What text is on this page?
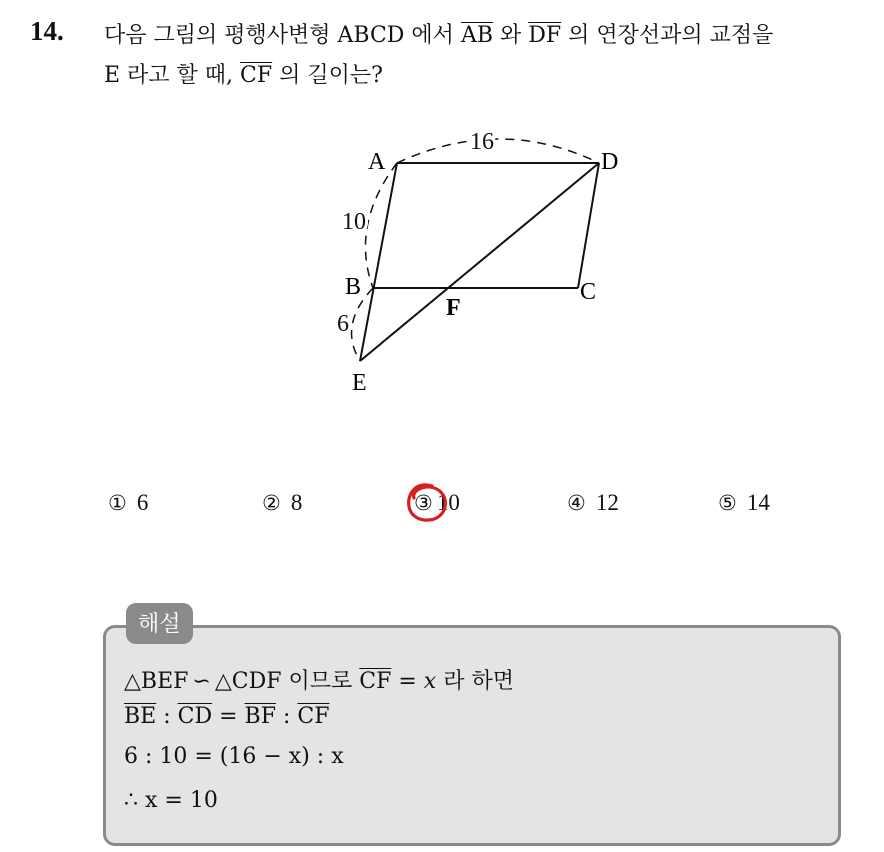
14. 다음 그림의 평행사변형 ABCD 에서 $\overline{AB}$ 와 $\overline{DF}$ 의 연장선과의 교점을
E 라고 할 때, $\overline{CF}$ 의 길이는?
A	D
B	C
E
F
16
10
6
① 6	② 8	③ 10	④ 12	⑤ 14
해설
△BEF ∽ △CDF 이므로 $\overline{CF} = x$ 라 하면
$\overline{BE}$ : $\overline{CD} = \overline{BF}$ : $\overline{CF}$
6 : 10 = (16 − x) : x
∴ x = 10
